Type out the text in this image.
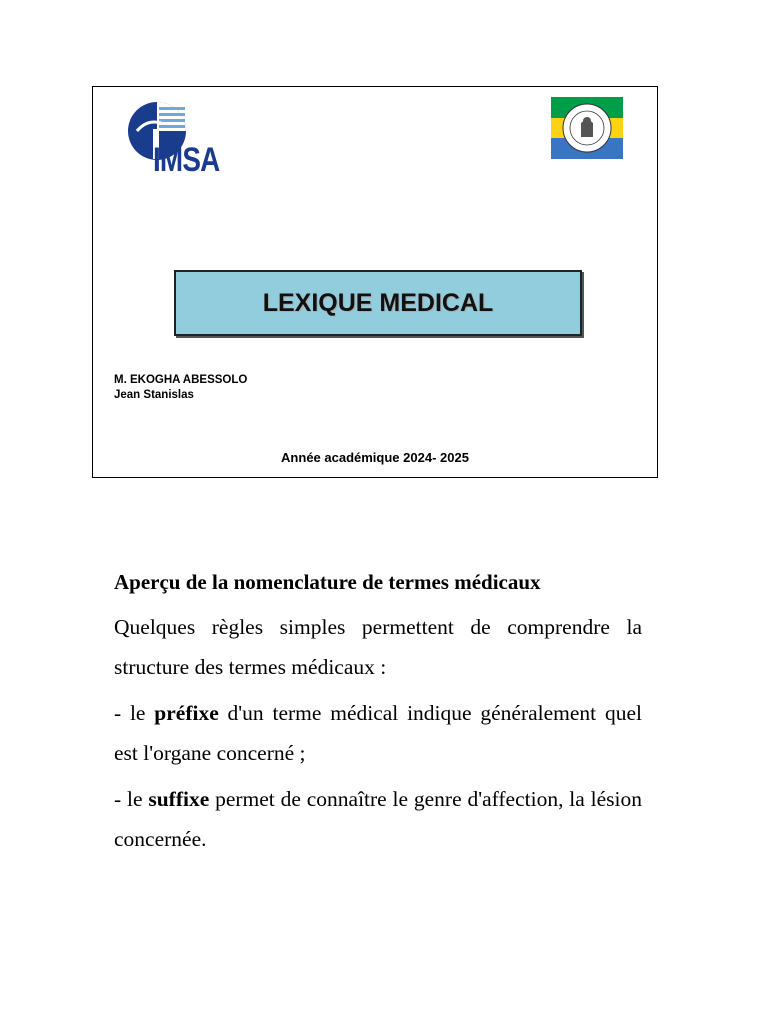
IMSA
LEXIQUE MEDICAL
M. EKOGHA ABESSOLO
Jean Stanislas
Année académique 2024- 2025

Aperçu de la nomenclature de termes médicaux

Quelques règles simples permettent de comprendre la structure des termes médicaux :

- le préfixe d'un terme médical indique généralement quel est l'organe concerné ;

- le suffixe permet de connaître le genre d'affection, la lésion concernée.
